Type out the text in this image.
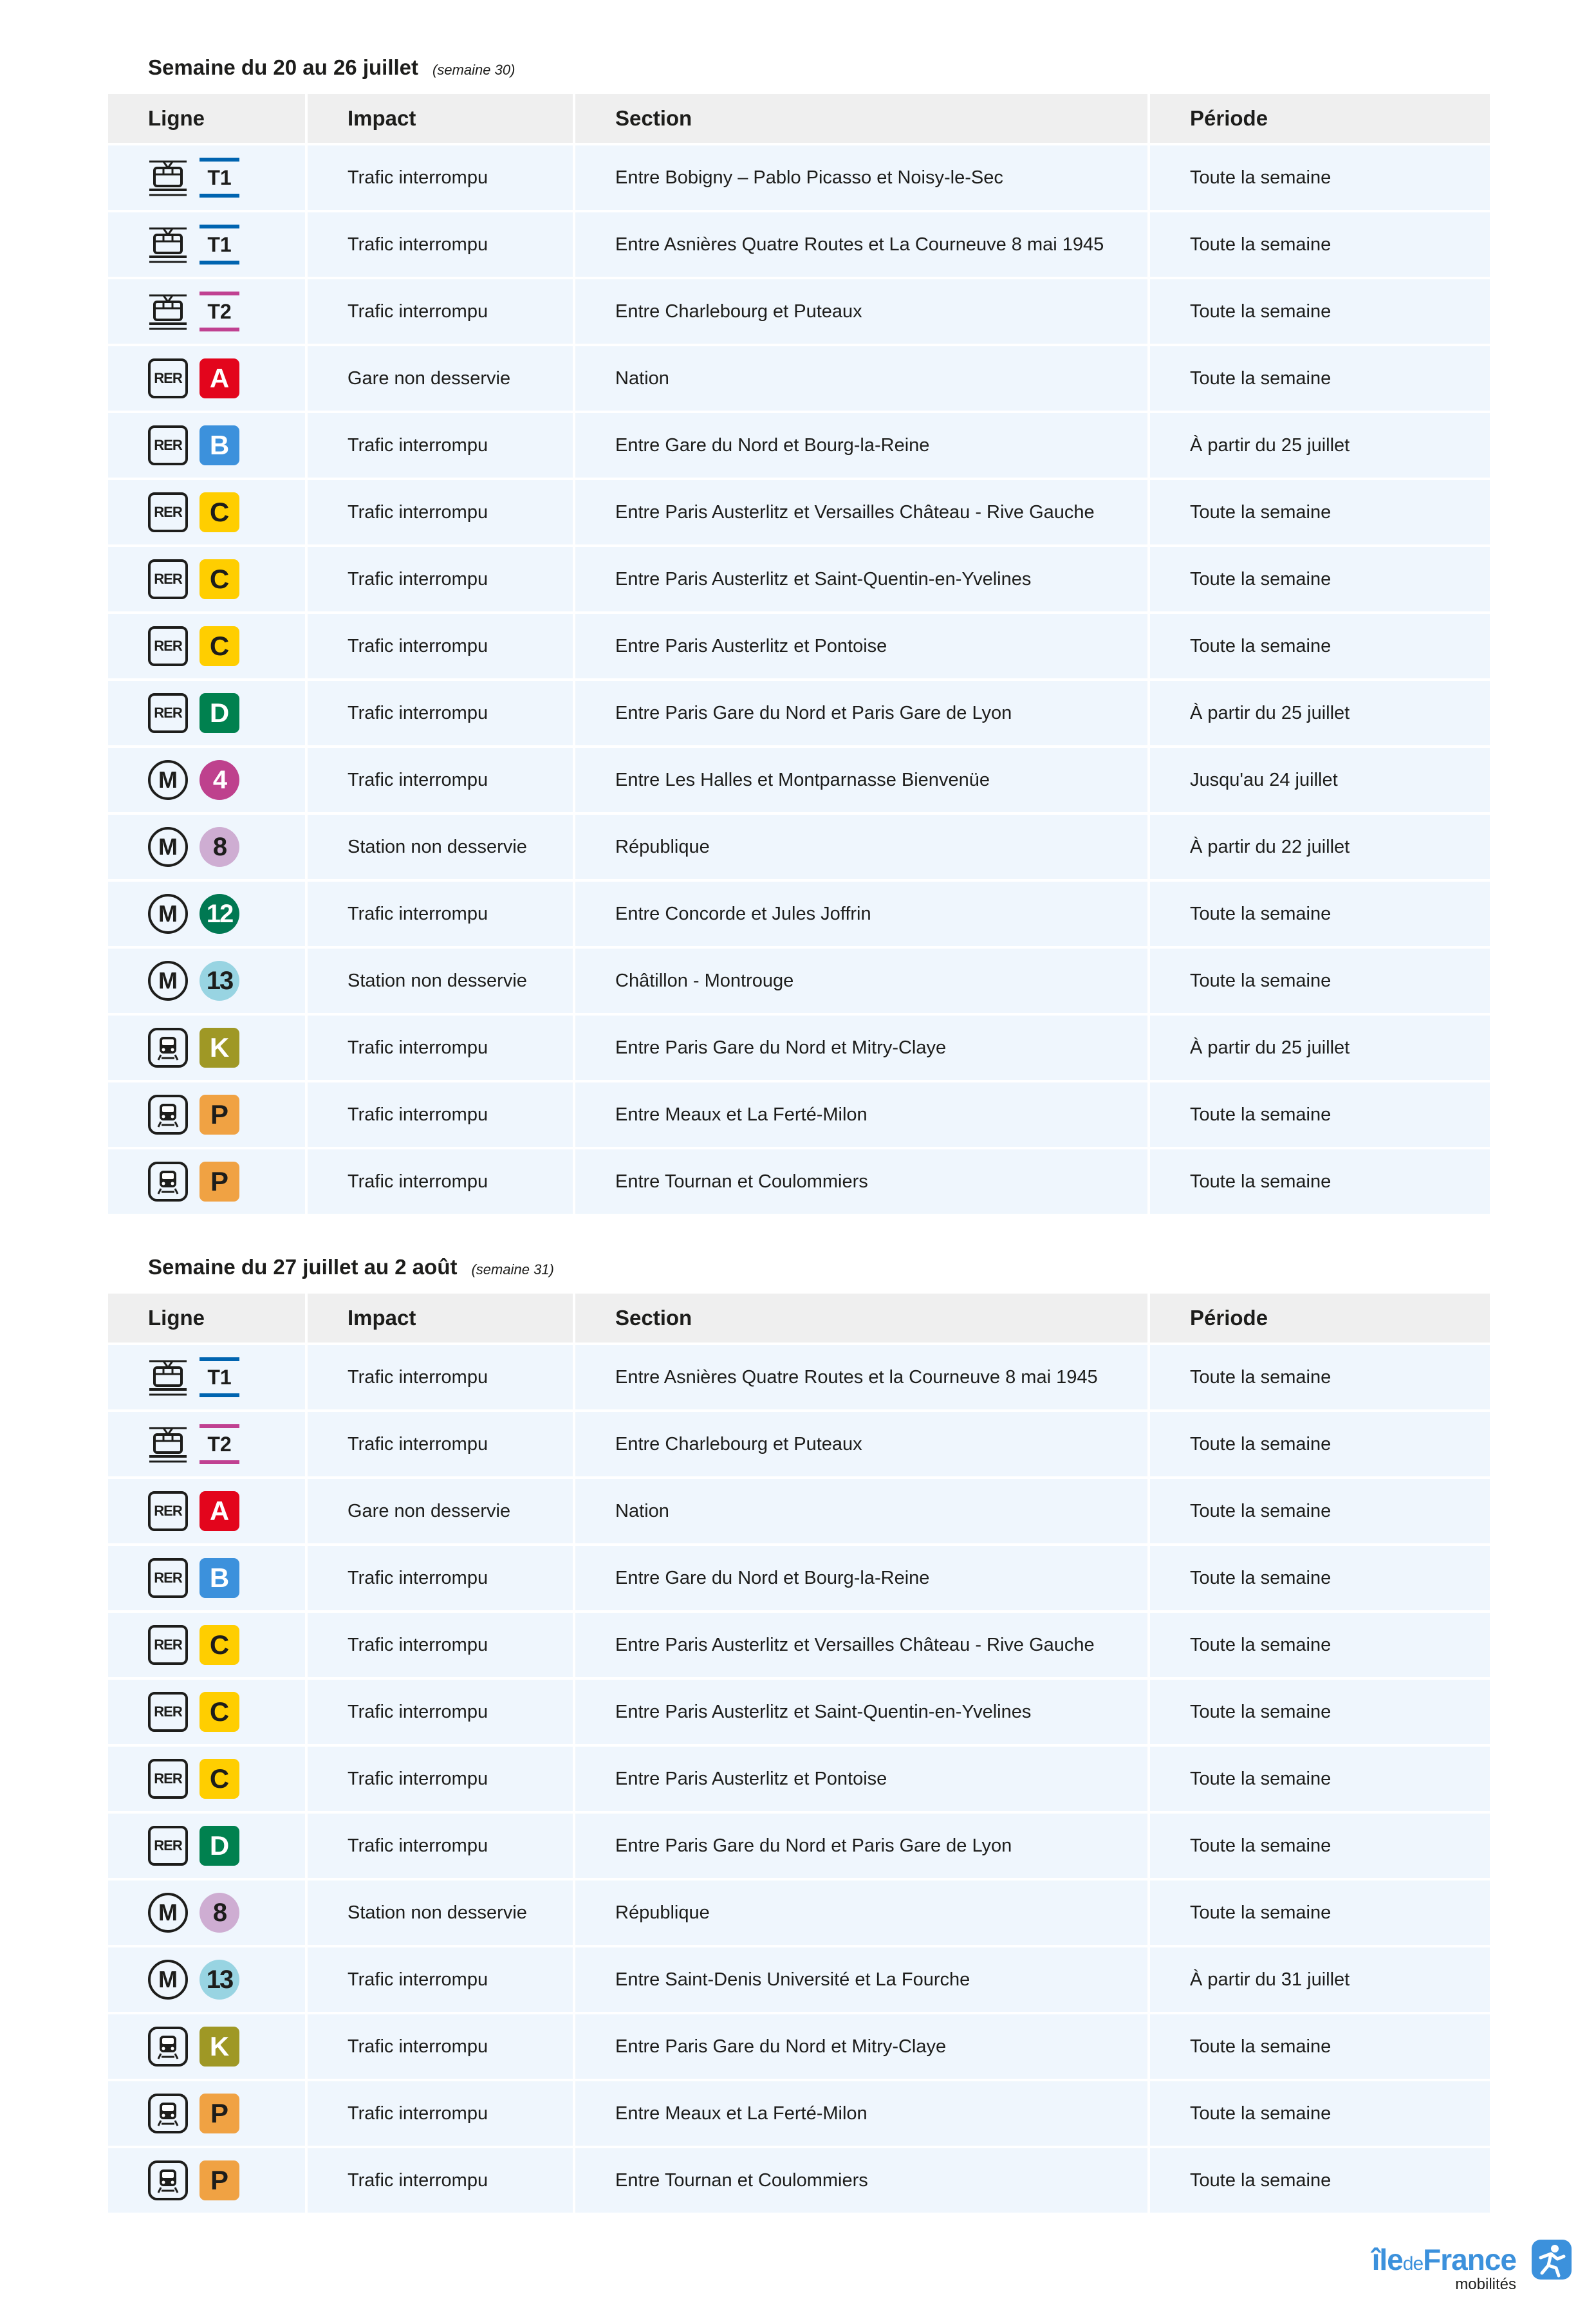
Semaine du 20 au 26 juillet (semaine 30)
Ligne	Impact	Section	Période

T1	Trafic interrompu	Entre Bobigny – Pablo Picasso et Noisy-le-Sec	Toute la semaine

T1	Trafic interrompu	Entre Asnières Quatre Routes et La Courneuve 8 mai 1945	Toute la semaine

T2	Trafic interrompu	Entre Charlebourg et Puteaux	Toute la semaine

RER A	Gare non desservie	Nation	Toute la semaine

RER B	Trafic interrompu	Entre Gare du Nord et Bourg-la-Reine	À partir du 25 juillet

RER C	Trafic interrompu	Entre Paris Austerlitz et Versailles Château - Rive Gauche	Toute la semaine

RER C	Trafic interrompu	Entre Paris Austerlitz et Saint-Quentin-en-Yvelines	Toute la semaine

RER C	Trafic interrompu	Entre Paris Austerlitz et Pontoise	Toute la semaine

RER D	Trafic interrompu	Entre Paris Gare du Nord et Paris Gare de Lyon	À partir du 25 juillet

M 4	Trafic interrompu	Entre Les Halles et Montparnasse Bienvenüe	Jusqu'au 24 juillet

M 8	Station non desservie	République	À partir du 22 juillet

M 12	Trafic interrompu	Entre Concorde et Jules Joffrin	Toute la semaine

M 13	Station non desservie	Châtillon - Montrouge	Toute la semaine

K	Trafic interrompu	Entre Paris Gare du Nord et Mitry-Claye	À partir du 25 juillet

P	Trafic interrompu	Entre Meaux et La Ferté-Milon	Toute la semaine

P	Trafic interrompu	Entre Tournan et Coulommiers	Toute la semaine
Semaine du 27 juillet au 2 août (semaine 31)
Ligne	Impact	Section	Période

T1	Trafic interrompu	Entre Asnières Quatre Routes et la Courneuve 8 mai 1945	Toute la semaine

T2	Trafic interrompu	Entre Charlebourg et Puteaux	Toute la semaine

RER A	Gare non desservie	Nation	Toute la semaine

RER B	Trafic interrompu	Entre Gare du Nord et Bourg-la-Reine	Toute la semaine

RER C	Trafic interrompu	Entre Paris Austerlitz et Versailles Château - Rive Gauche	Toute la semaine

RER C	Trafic interrompu	Entre Paris Austerlitz et Saint-Quentin-en-Yvelines	Toute la semaine

RER C	Trafic interrompu	Entre Paris Austerlitz et Pontoise	Toute la semaine

RER D	Trafic interrompu	Entre Paris Gare du Nord et Paris Gare de Lyon	Toute la semaine

M 8	Station non desservie	République	Toute la semaine

M 13	Trafic interrompu	Entre Saint-Denis Université et La Fourche	À partir du 31 juillet

K	Trafic interrompu	Entre Paris Gare du Nord et Mitry-Claye	Toute la semaine

P	Trafic interrompu	Entre Meaux et La Ferté-Milon	Toute la semaine

P	Trafic interrompu	Entre Tournan et Coulommiers	Toute la semaine
îledeFrance
mobilités
